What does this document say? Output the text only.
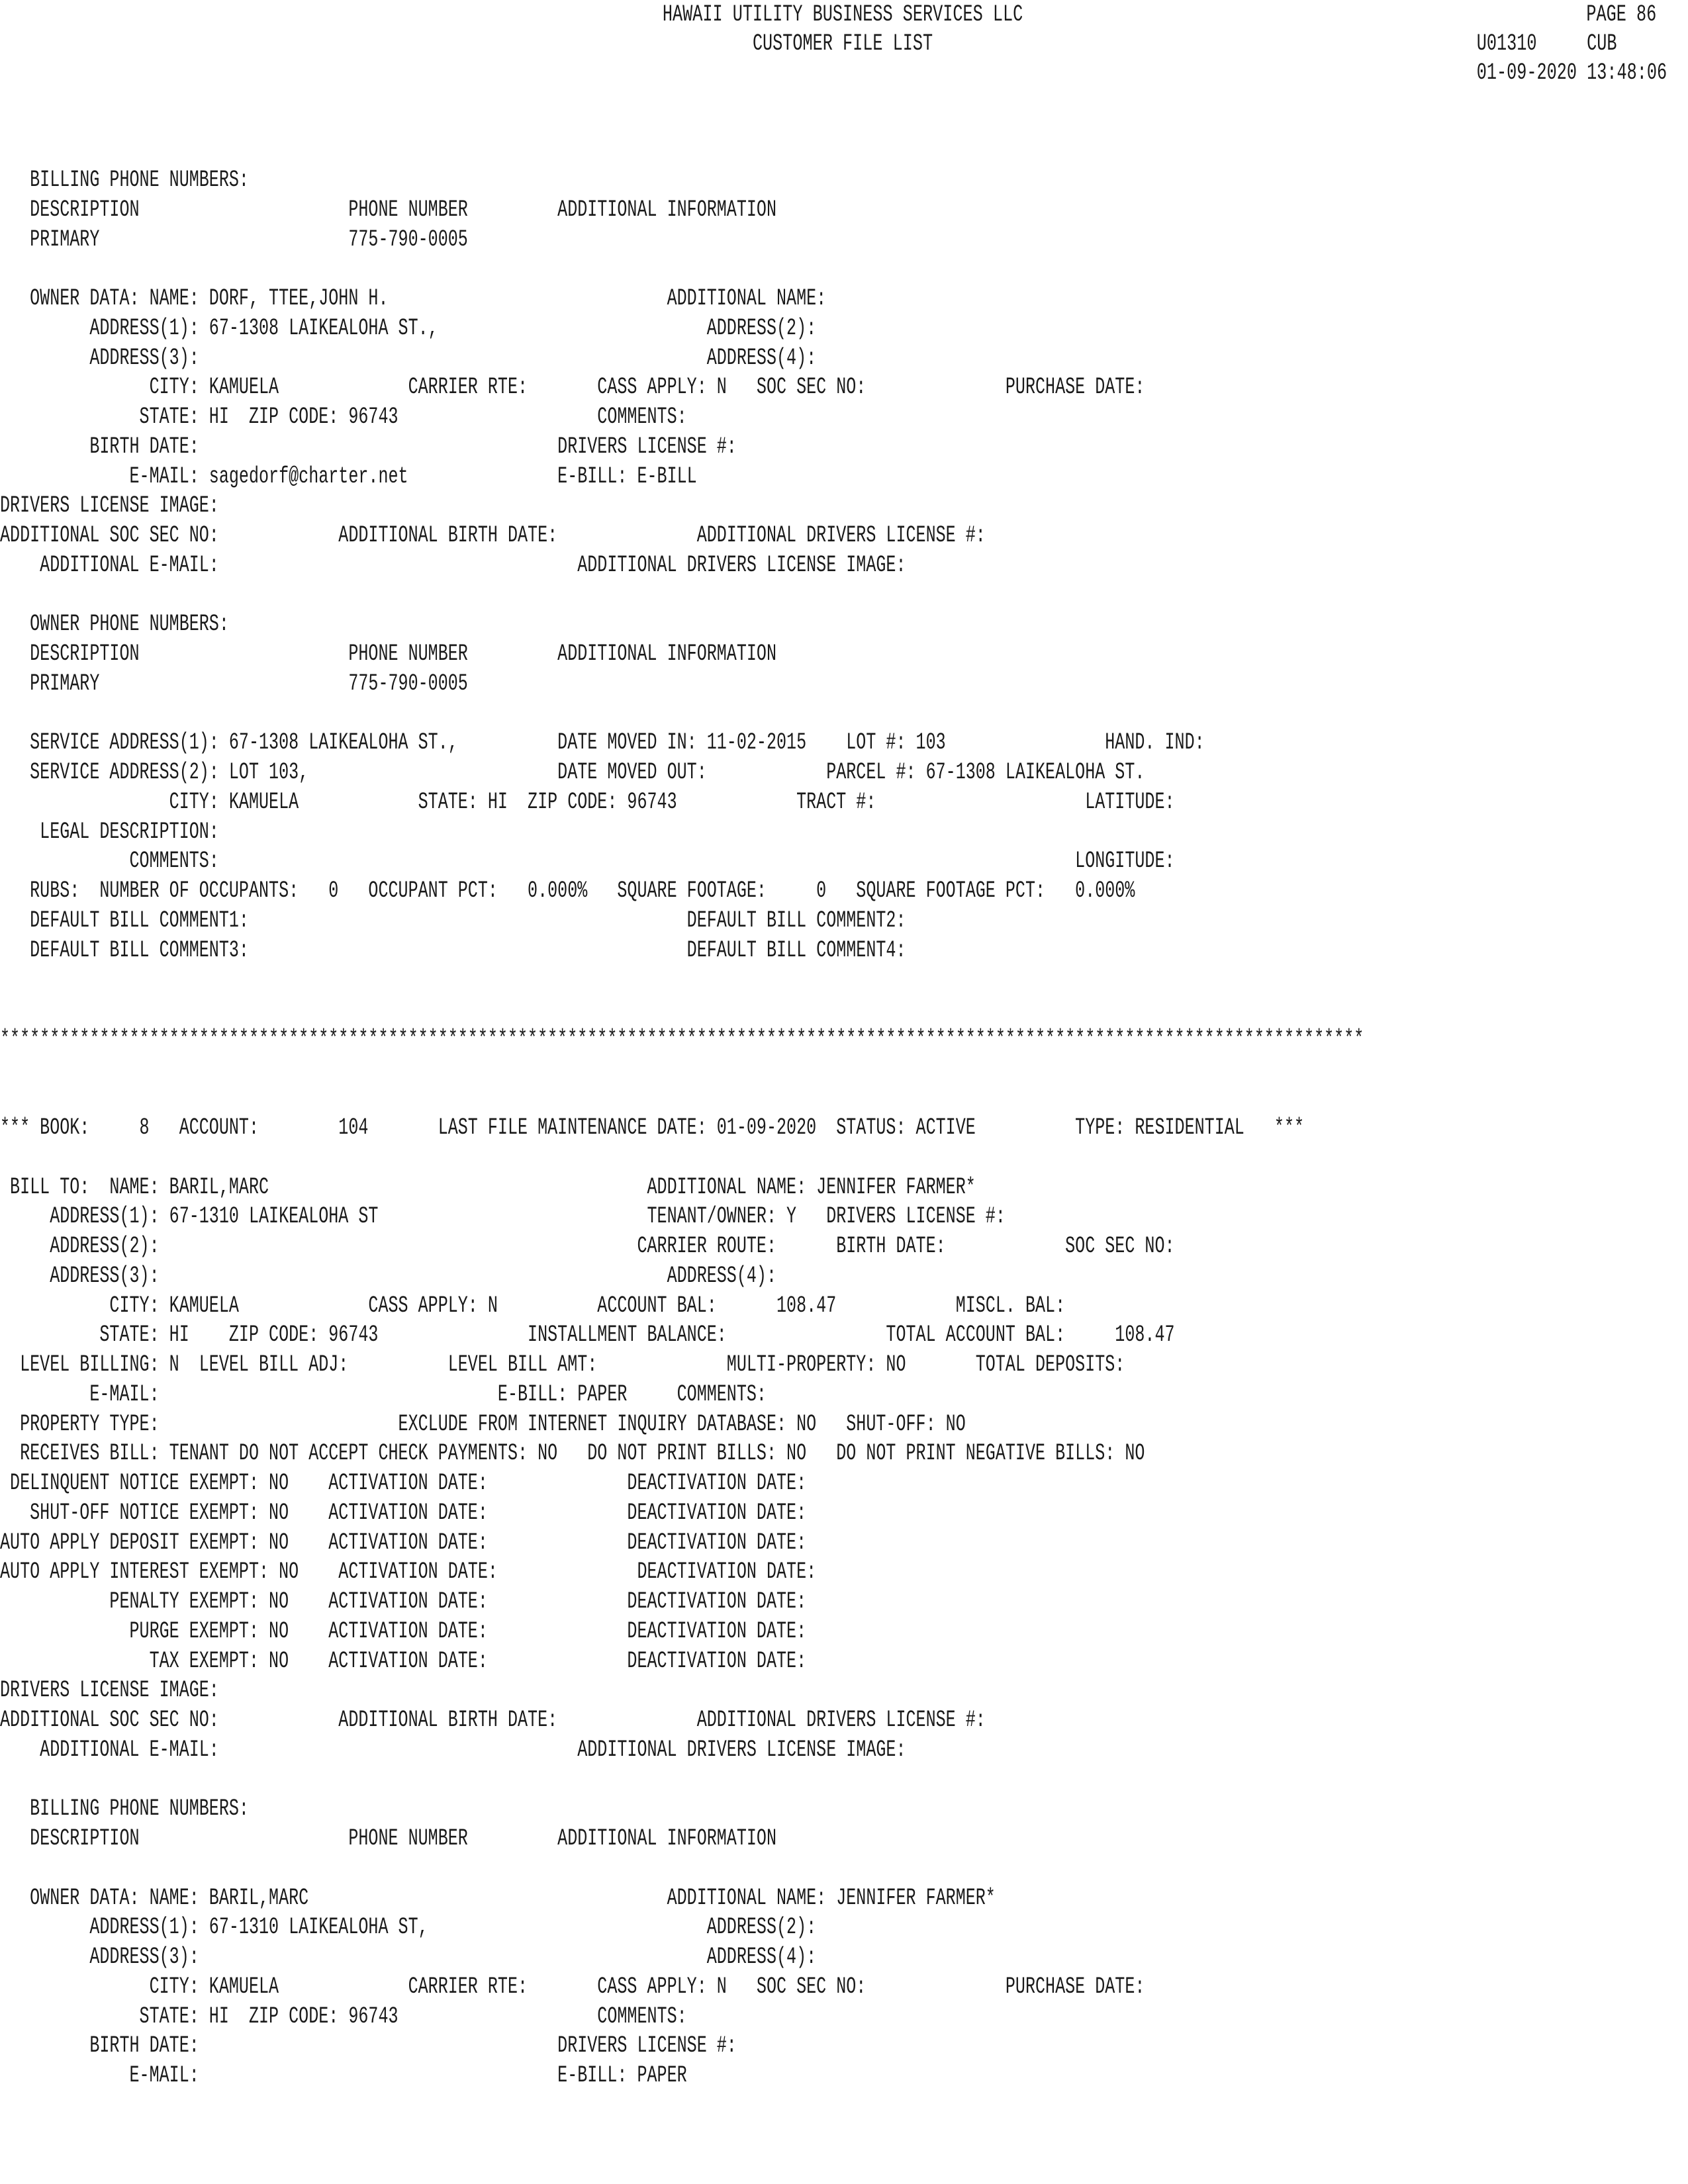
HAWAII UTILITY BUSINESS SERVICES LLC
CUSTOMER FILE LIST
PAGE 86
U01310     CUB
01-09-2020 13:48:06
BILLING PHONE NUMBERS:
DESCRIPTION                     PHONE NUMBER         ADDITIONAL INFORMATION
PRIMARY                         775-790-0005
OWNER DATA: NAME: DORF, TTEE,JOHN H.                            ADDITIONAL NAME:
ADDRESS(1): 67-1308 LAIKEALOHA ST.,                           ADDRESS(2):
ADDRESS(3):                                                   ADDRESS(4):
CITY: KAMUELA             CARRIER RTE:       CASS APPLY: N   SOC SEC NO:              PURCHASE DATE:
STATE: HI  ZIP CODE: 96743                    COMMENTS:
BIRTH DATE:                                    DRIVERS LICENSE #:
E-MAIL: sagedorf@charter.net               E-BILL: E-BILL
DRIVERS LICENSE IMAGE:
ADDITIONAL SOC SEC NO:            ADDITIONAL BIRTH DATE:              ADDITIONAL DRIVERS LICENSE #:
ADDITIONAL E-MAIL:                                    ADDITIONAL DRIVERS LICENSE IMAGE:
OWNER PHONE NUMBERS:
DESCRIPTION                     PHONE NUMBER         ADDITIONAL INFORMATION
PRIMARY                         775-790-0005
SERVICE ADDRESS(1): 67-1308 LAIKEALOHA ST.,          DATE MOVED IN: 11-02-2015    LOT #: 103                HAND. IND:
SERVICE ADDRESS(2): LOT 103,                         DATE MOVED OUT:            PARCEL #: 67-1308 LAIKEALOHA ST.
CITY: KAMUELA            STATE: HI  ZIP CODE: 96743            TRACT #:                     LATITUDE:
LEGAL DESCRIPTION:
COMMENTS:                                                                                      LONGITUDE:
RUBS:  NUMBER OF OCCUPANTS:   0   OCCUPANT PCT:   0.000%   SQUARE FOOTAGE:     0   SQUARE FOOTAGE PCT:   0.000%
DEFAULT BILL COMMENT1:                                            DEFAULT BILL COMMENT2:
DEFAULT BILL COMMENT3:                                            DEFAULT BILL COMMENT4:
*****************************************************************************************************************************************
*** BOOK:     8   ACCOUNT:        104       LAST FILE MAINTENANCE DATE: 01-09-2020  STATUS: ACTIVE          TYPE: RESIDENTIAL   ***
BILL TO:  NAME: BARIL,MARC                                      ADDITIONAL NAME: JENNIFER FARMER*
ADDRESS(1): 67-1310 LAIKEALOHA ST                           TENANT/OWNER: Y   DRIVERS LICENSE #:
ADDRESS(2):                                                CARRIER ROUTE:      BIRTH DATE:            SOC SEC NO:
ADDRESS(3):                                                   ADDRESS(4):
CITY: KAMUELA             CASS APPLY: N          ACCOUNT BAL:      108.47            MISCL. BAL:
STATE: HI    ZIP CODE: 96743               INSTALLMENT BALANCE:                TOTAL ACCOUNT BAL:     108.47
LEVEL BILLING: N  LEVEL BILL ADJ:          LEVEL BILL AMT:             MULTI-PROPERTY: NO       TOTAL DEPOSITS:
E-MAIL:                                  E-BILL: PAPER     COMMENTS:
PROPERTY TYPE:                        EXCLUDE FROM INTERNET INQUIRY DATABASE: NO   SHUT-OFF: NO
RECEIVES BILL: TENANT DO NOT ACCEPT CHECK PAYMENTS: NO   DO NOT PRINT BILLS: NO   DO NOT PRINT NEGATIVE BILLS: NO
DELINQUENT NOTICE EXEMPT: NO    ACTIVATION DATE:              DEACTIVATION DATE:
SHUT-OFF NOTICE EXEMPT: NO    ACTIVATION DATE:              DEACTIVATION DATE:
AUTO APPLY DEPOSIT EXEMPT: NO    ACTIVATION DATE:              DEACTIVATION DATE:
AUTO APPLY INTEREST EXEMPT: NO    ACTIVATION DATE:              DEACTIVATION DATE:
PENALTY EXEMPT: NO    ACTIVATION DATE:              DEACTIVATION DATE:
PURGE EXEMPT: NO    ACTIVATION DATE:              DEACTIVATION DATE:
TAX EXEMPT: NO    ACTIVATION DATE:              DEACTIVATION DATE:
DRIVERS LICENSE IMAGE:
ADDITIONAL SOC SEC NO:            ADDITIONAL BIRTH DATE:              ADDITIONAL DRIVERS LICENSE #:
ADDITIONAL E-MAIL:                                    ADDITIONAL DRIVERS LICENSE IMAGE:
BILLING PHONE NUMBERS:
DESCRIPTION                     PHONE NUMBER         ADDITIONAL INFORMATION
OWNER DATA: NAME: BARIL,MARC                                    ADDITIONAL NAME: JENNIFER FARMER*
ADDRESS(1): 67-1310 LAIKEALOHA ST,                            ADDRESS(2):
ADDRESS(3):                                                   ADDRESS(4):
CITY: KAMUELA             CARRIER RTE:       CASS APPLY: N   SOC SEC NO:              PURCHASE DATE:
STATE: HI  ZIP CODE: 96743                    COMMENTS:
BIRTH DATE:                                    DRIVERS LICENSE #:
E-MAIL:                                    E-BILL: PAPER
